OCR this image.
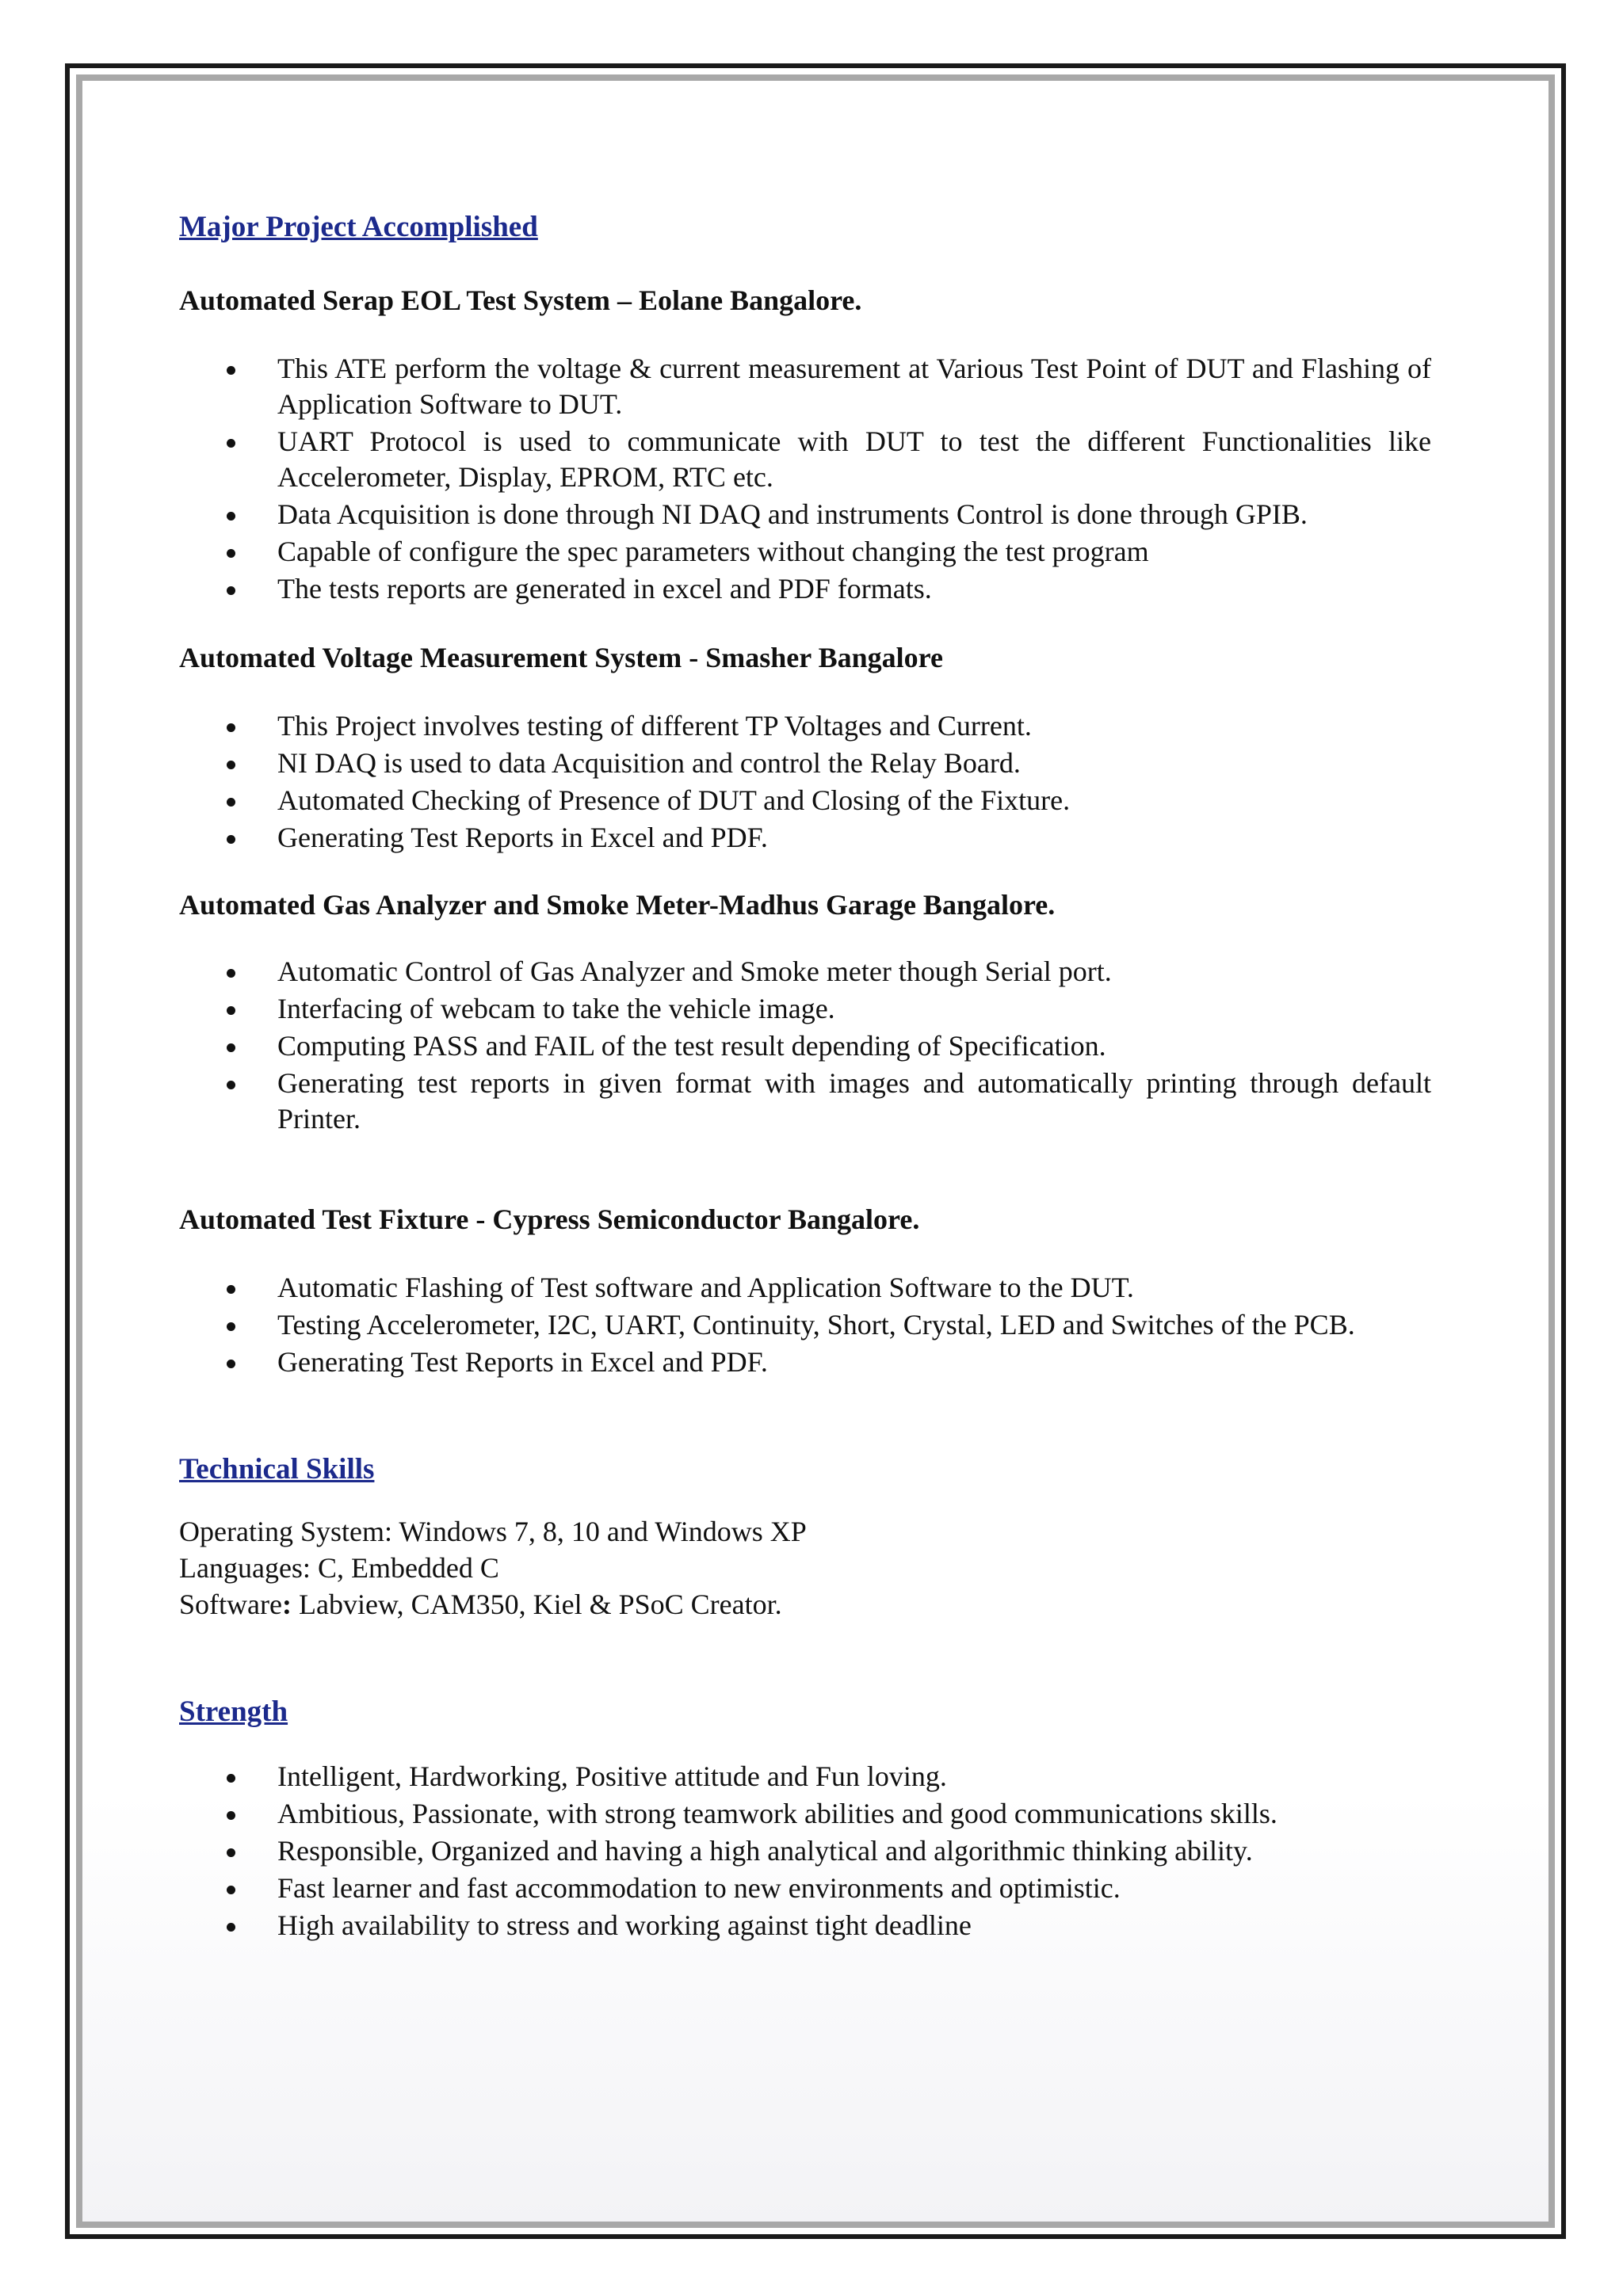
Major Project Accomplished
Automated Serap EOL Test System – Eolane Bangalore.
This ATE perform the voltage & current measurement at Various Test Point of DUT and Flashing of Application Software to DUT.
UART Protocol is used to communicate with DUT to test the different Functionalities like Accelerometer, Display, EPROM, RTC etc.
Data Acquisition is done through NI DAQ and instruments Control is done through GPIB.
Capable of configure the spec parameters without changing the test program
The tests reports are generated in excel and PDF formats.
Automated Voltage Measurement System - Smasher Bangalore
This Project involves testing of different TP Voltages and Current.
NI DAQ is used to data Acquisition and control the Relay Board.
Automated Checking of Presence of DUT and Closing of the Fixture.
Generating Test Reports in Excel and PDF.
Automated Gas Analyzer and Smoke Meter-Madhus Garage Bangalore.
Automatic Control of Gas Analyzer and Smoke meter though Serial port.
Interfacing of webcam to take the vehicle image.
Computing PASS and FAIL of the test result depending of Specification.
Generating test reports in given format with images and automatically printing through default Printer.
Automated Test Fixture - Cypress Semiconductor Bangalore.
Automatic Flashing of Test software and Application Software to the DUT.
Testing Accelerometer, I2C, UART, Continuity, Short, Crystal, LED and Switches of the PCB.
Generating Test Reports in Excel and PDF.
Technical Skills

Operating System: Windows 7, 8, 10 and Windows XP

Languages: C, Embedded C

Software: Labview, CAM350, Kiel & PSoC Creator.

Strength
Intelligent, Hardworking, Positive attitude and Fun loving.
Ambitious, Passionate, with strong teamwork abilities and good communications skills.
Responsible, Organized and having a high analytical and algorithmic thinking ability.
Fast learner and fast accommodation to new environments and optimistic.
High availability to stress and working against tight deadline
